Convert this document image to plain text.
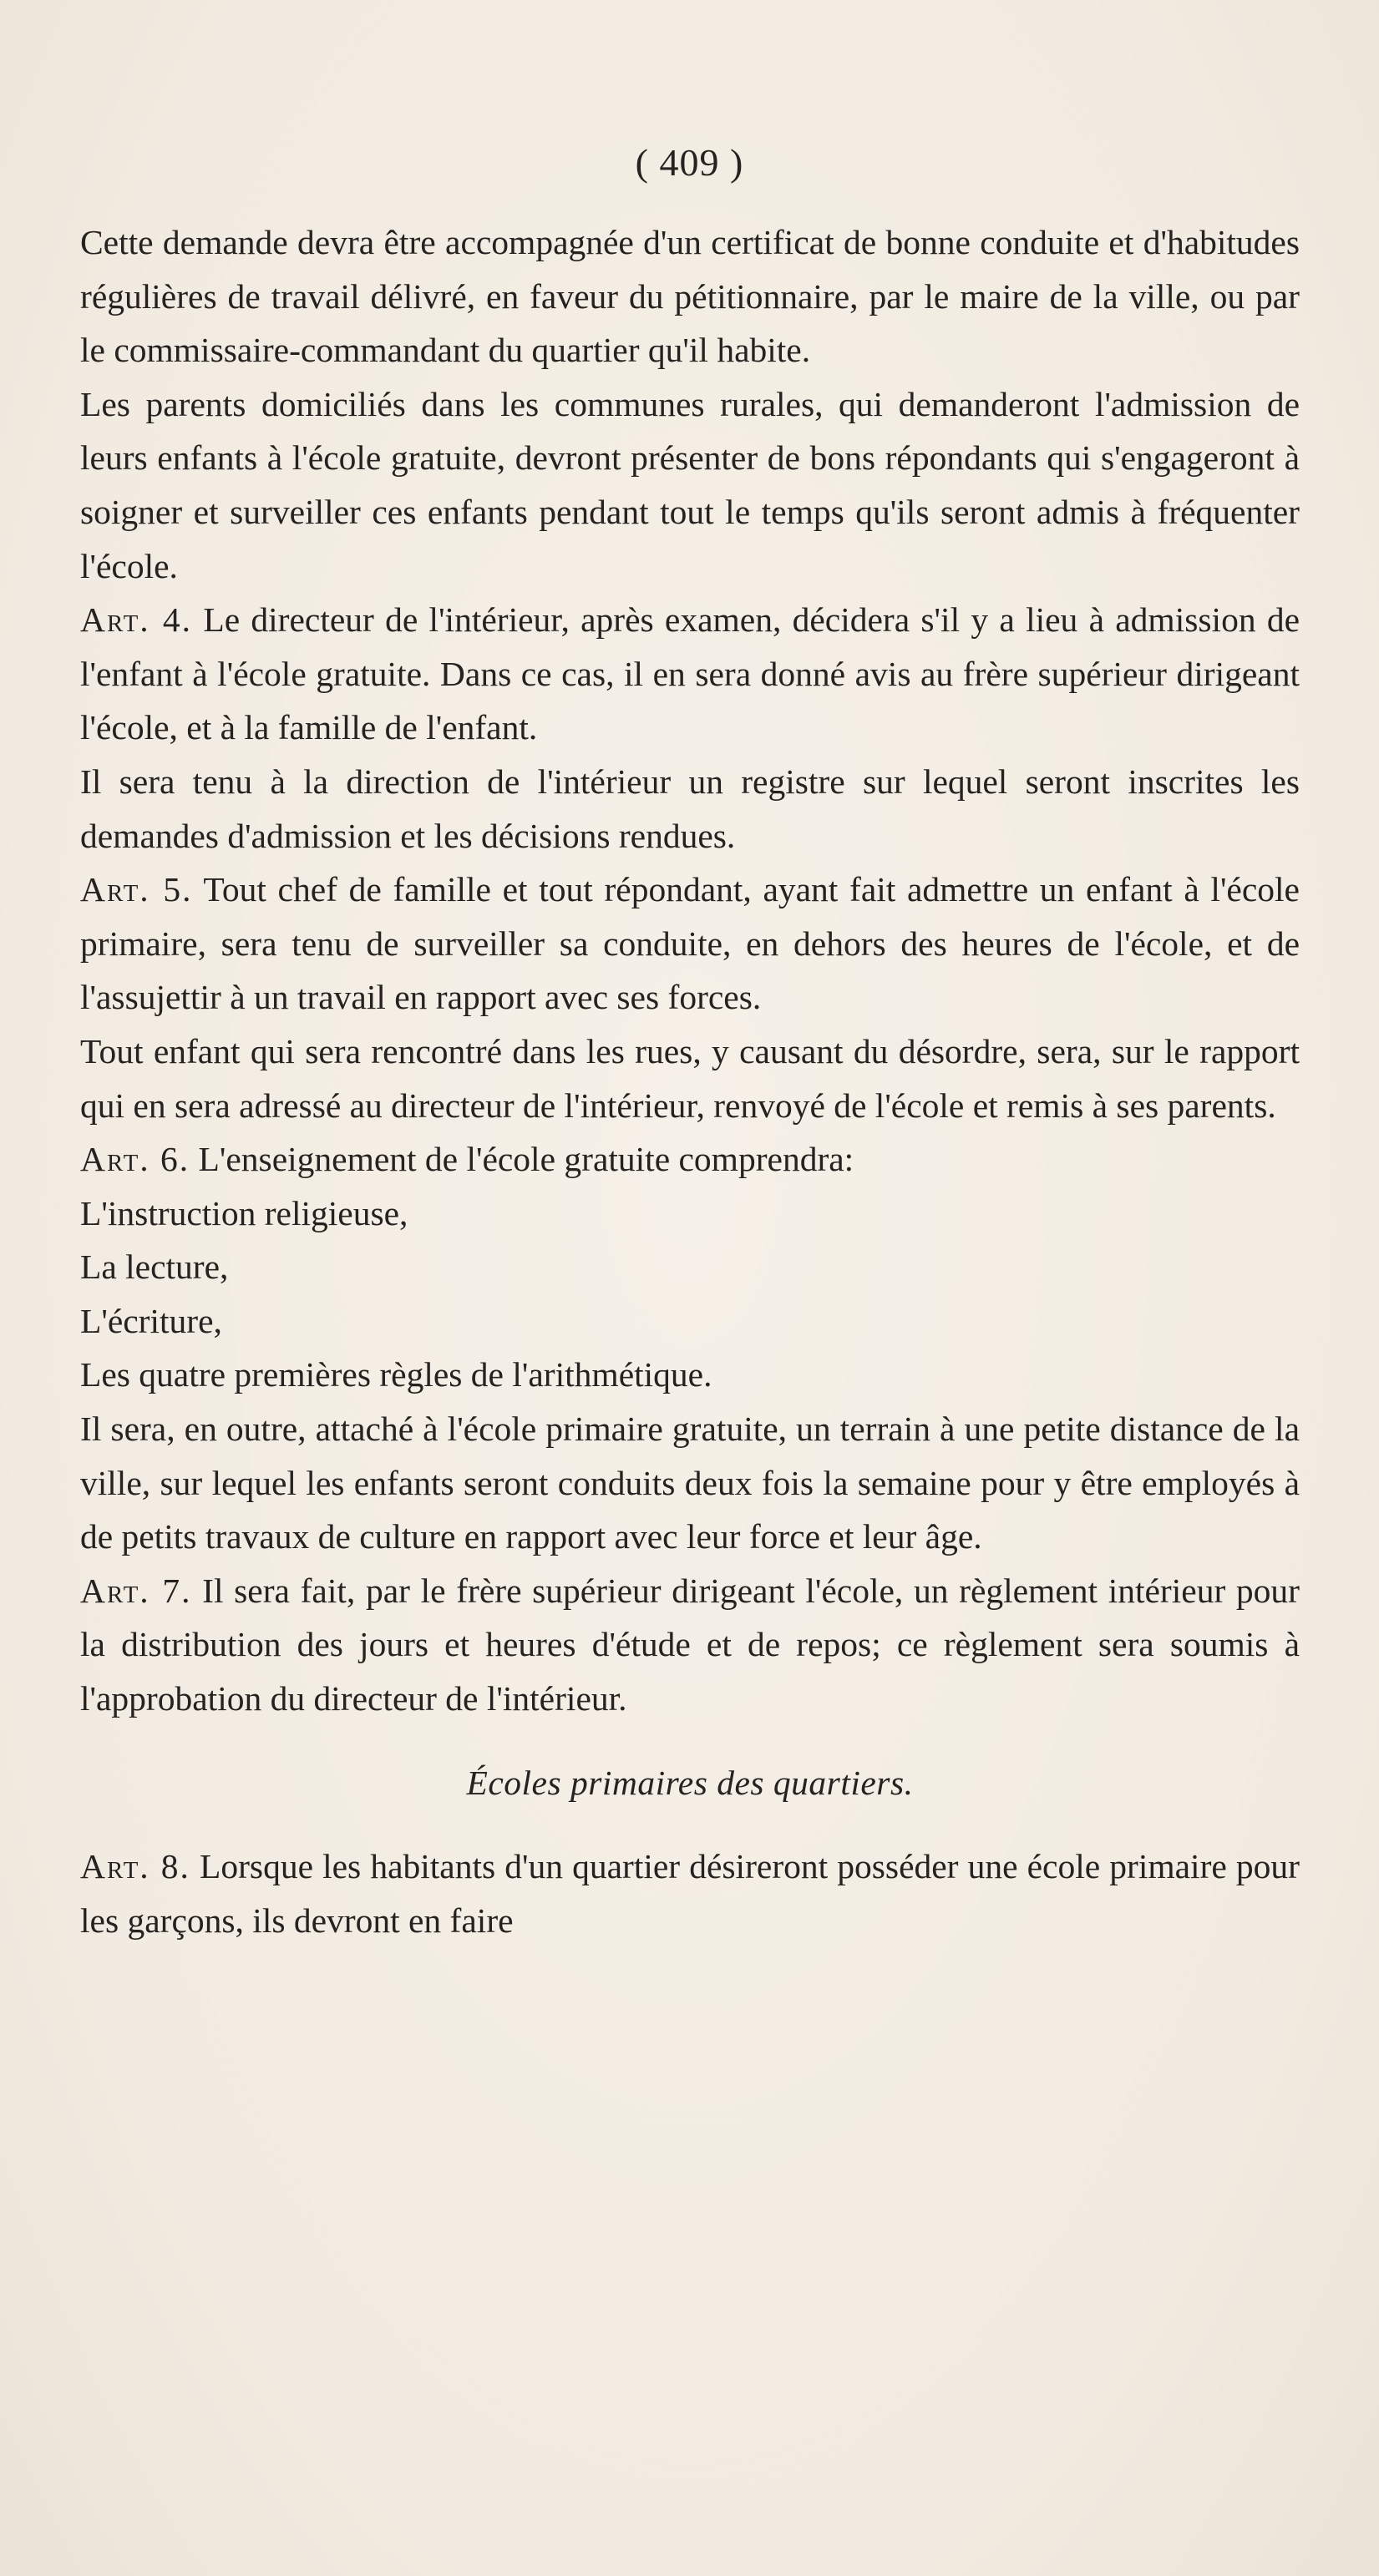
( 409 )

Cette demande devra être accompagnée d'un certificat de bonne conduite et d'habitudes régulières de travail délivré, en faveur du pétitionnaire, par le maire de la ville, ou par le commissaire-commandant du quartier qu'il habite.

Les parents domiciliés dans les communes rurales, qui demanderont l'admission de leurs enfants à l'école gratuite, devront présenter de bons répondants qui s'engageront à soigner et surveiller ces enfants pendant tout le temps qu'ils seront admis à fréquenter l'école.

Art. 4. Le directeur de l'intérieur, après examen, décidera s'il y a lieu à admission de l'enfant à l'école gratuite. Dans ce cas, il en sera donné avis au frère supérieur dirigeant l'école, et à la famille de l'enfant.

Il sera tenu à la direction de l'intérieur un registre sur lequel seront inscrites les demandes d'admission et les décisions rendues.

Art. 5. Tout chef de famille et tout répondant, ayant fait admettre un enfant à l'école primaire, sera tenu de surveiller sa conduite, en dehors des heures de l'école, et de l'assujettir à un travail en rapport avec ses forces.

Tout enfant qui sera rencontré dans les rues, y causant du désordre, sera, sur le rapport qui en sera adressé au directeur de l'intérieur, renvoyé de l'école et remis à ses parents.

Art. 6. L'enseignement de l'école gratuite comprendra:

L'instruction religieuse,

La lecture,

L'écriture,

Les quatre premières règles de l'arithmétique.

Il sera, en outre, attaché à l'école primaire gratuite, un terrain à une petite distance de la ville, sur lequel les enfants seront conduits deux fois la semaine pour y être employés à de petits travaux de culture en rapport avec leur force et leur âge.

Art. 7. Il sera fait, par le frère supérieur dirigeant l'école, un règlement intérieur pour la distribution des jours et heures d'étude et de repos; ce règlement sera soumis à l'approbation du directeur de l'intérieur.

Écoles primaires des quartiers.

Art. 8. Lorsque les habitants d'un quartier désireront posséder une école primaire pour les garçons, ils devront en faire
